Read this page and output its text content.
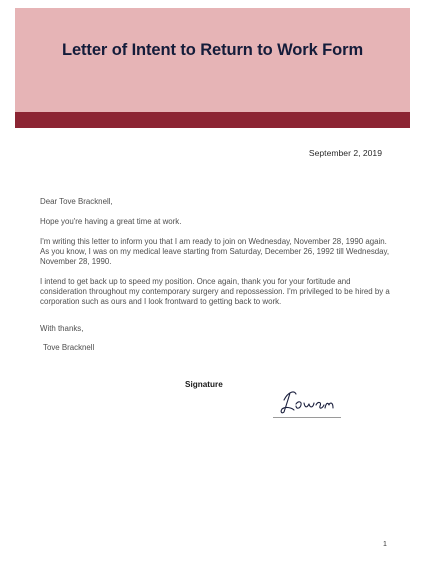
Letter of Intent to Return to Work Form
September 2, 2019

Dear Tove Bracknell,

Hope you're having a great time at work.

I'm writing this letter to inform you that I am ready to join on Wednesday, November 28, 1990 again. As you know, I was on my medical leave starting from Saturday, December 26, 1992 till Wednesday, November 28, 1990.

I intend to get back up to speed my position. Once again, thank you for your fortitude and consideration throughout my contemporary surgery and repossession. I'm privileged to be hired by a corporation such as ours and I look frontward to getting back to work.

With thanks,
Tove Bracknell
Signature
1
